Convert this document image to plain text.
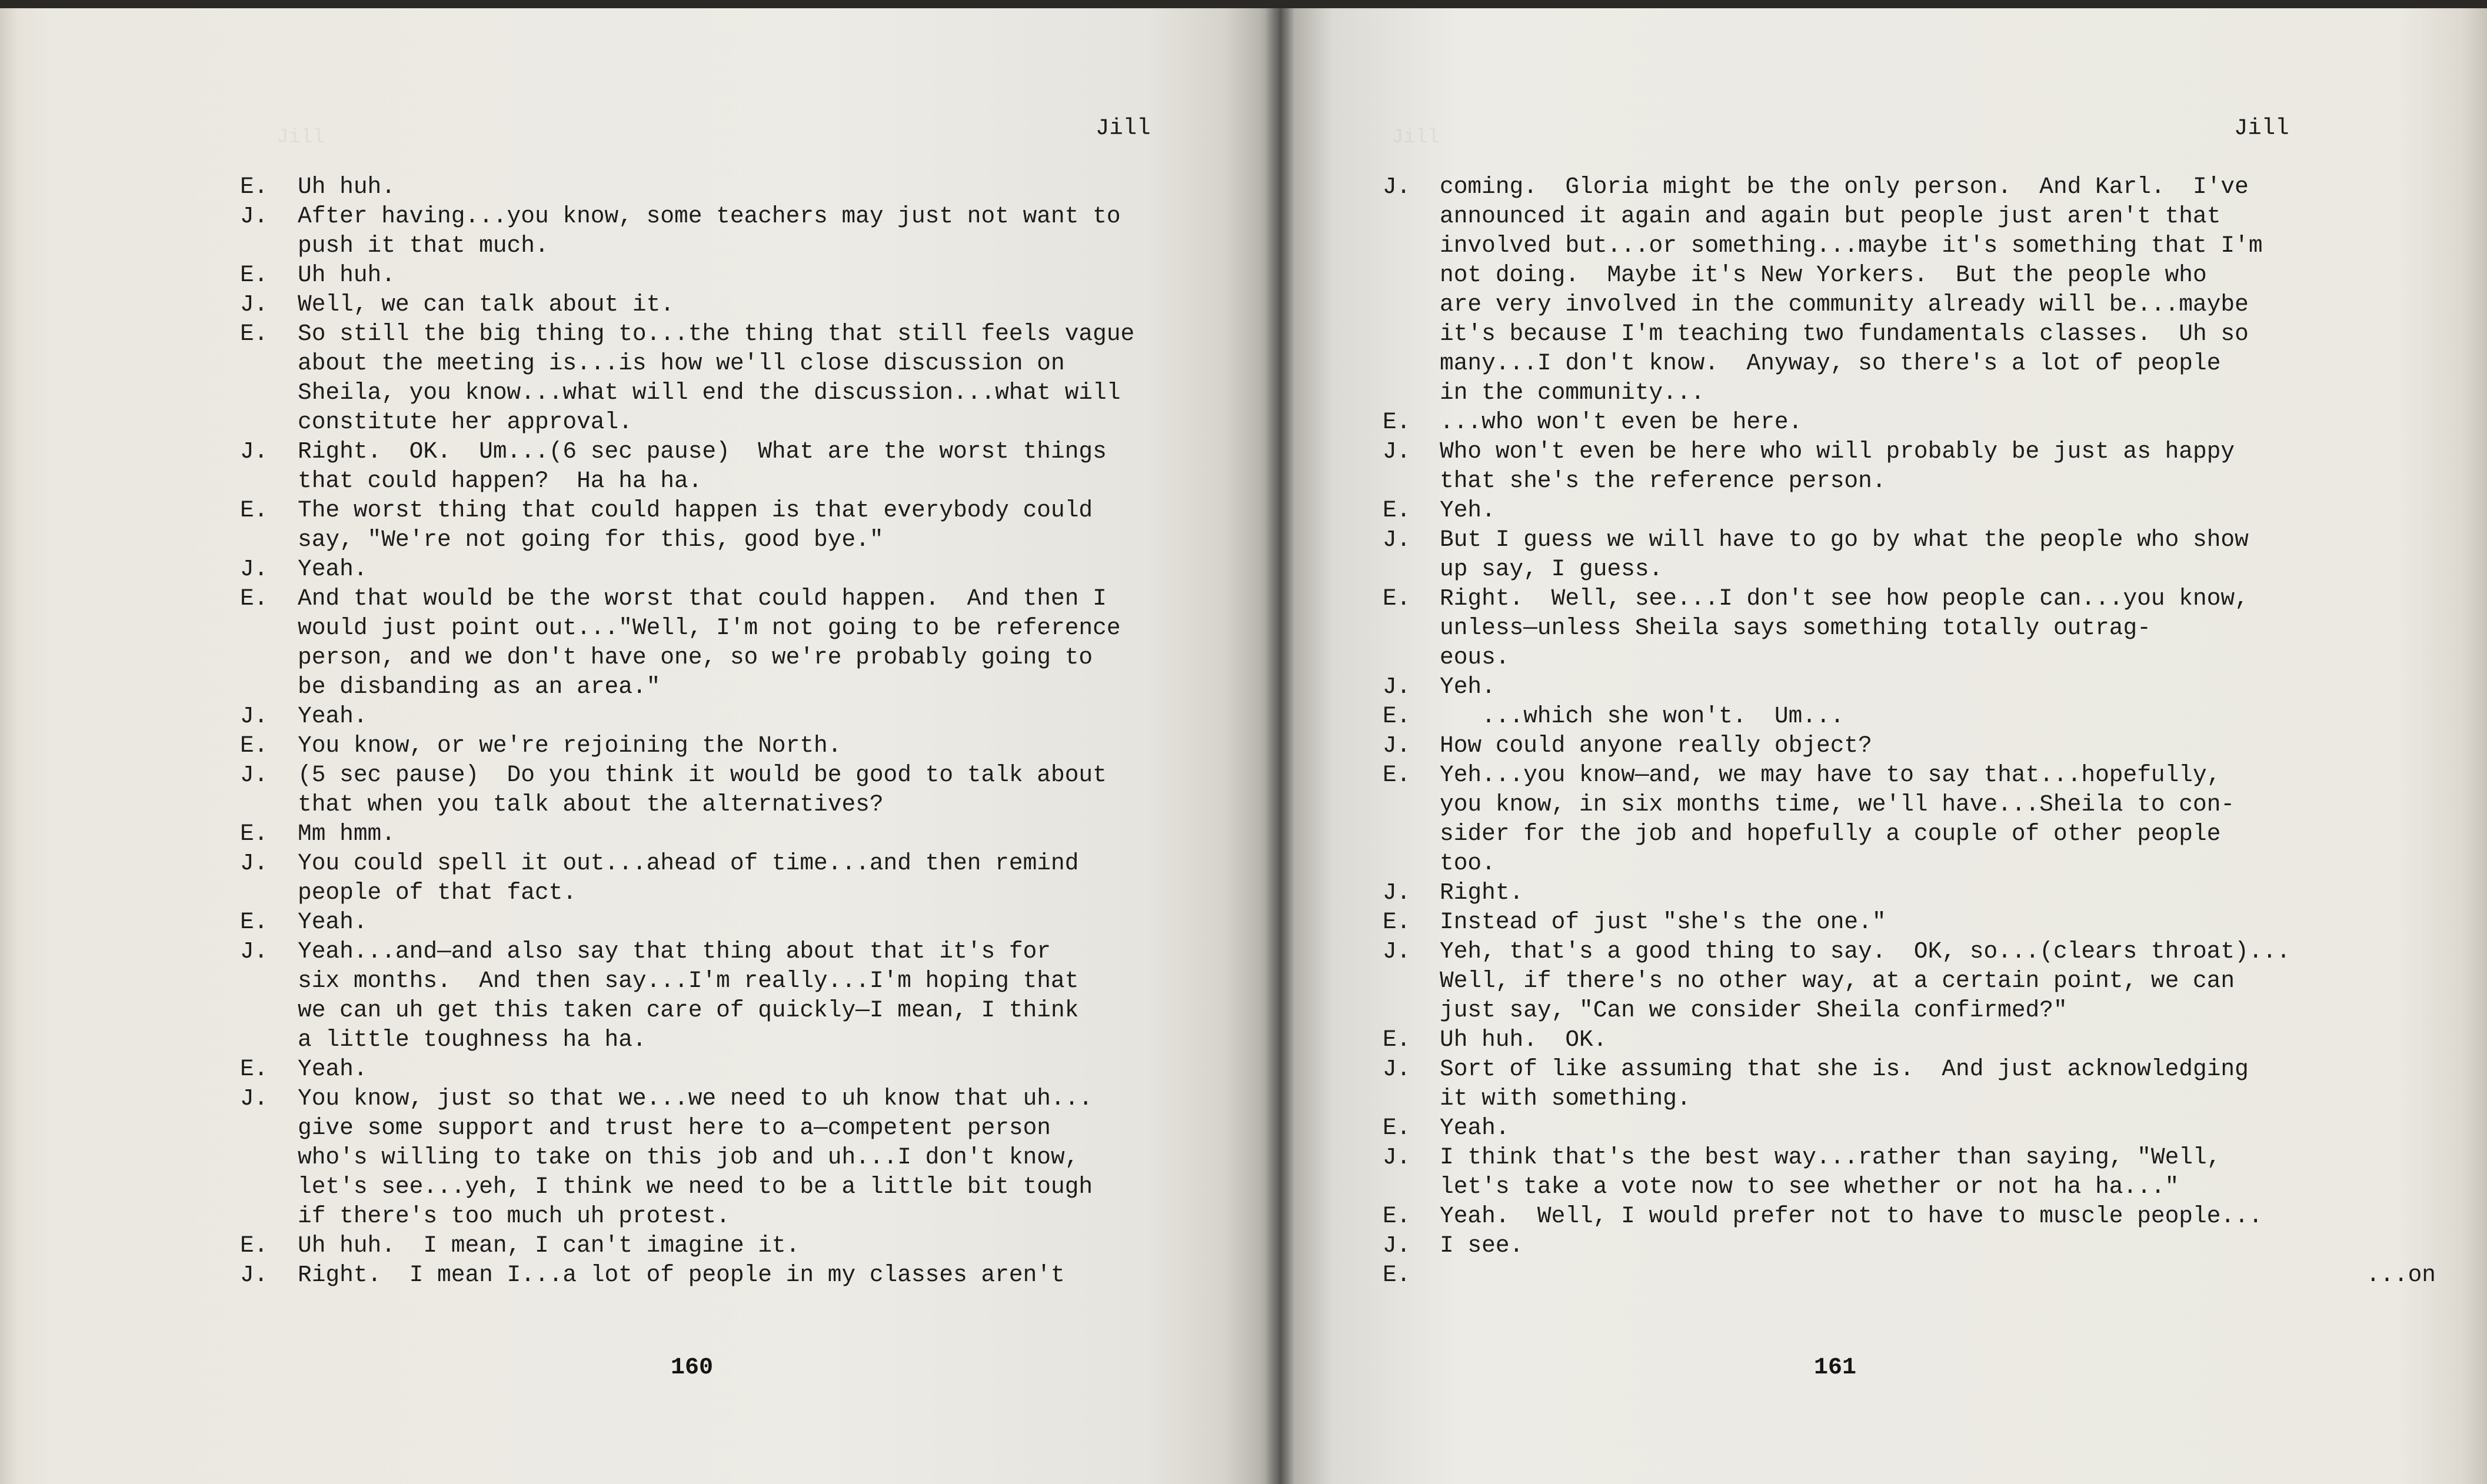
Jill	Jill
E. Uh huh.
J. After having...you know, some teachers may just not want to
push it that much.
E. Uh huh.
J. Well, we can talk about it.
E. So still the big thing to...the thing that still feels vague
about the meeting is...is how we'll close discussion on
Sheila, you know...what will end the discussion...what will
constitute her approval.
J. Right.  OK.  Um...(6 sec pause)  What are the worst things
that could happen?  Ha ha ha.
E. The worst thing that could happen is that everybody could
say, "We're not going for this, good bye."
J. Yeah.
E. And that would be the worst that could happen.  And then I
would just point out..."Well, I'm not going to be reference
person, and we don't have one, so we're probably going to
be disbanding as an area."
J. Yeah.
E. You know, or we're rejoining the North.
J. (5 sec pause)  Do you think it would be good to talk about
that when you talk about the alternatives?
E. Mm hmm.
J. You could spell it out...ahead of time...and then remind
people of that fact.
E. Yeah.
J. Yeah...and—and also say that thing about that it's for
six months.  And then say...I'm really...I'm hoping that
we can uh get this taken care of quickly—I mean, I think
a little toughness ha ha.
E. Yeah.
J. You know, just so that we...we need to uh know that uh...
give some support and trust here to a—competent person
who's willing to take on this job and uh...I don't know,
let's see...yeh, I think we need to be a little bit tough
if there's too much uh protest.
E. Uh huh.  I mean, I can't imagine it.
J. Right.  I mean I...a lot of people in my classes aren't
160
Jill	Jill
J. coming.  Gloria might be the only person.  And Karl.  I've
announced it again and again but people just aren't that
involved but...or something...maybe it's something that I'm
not doing.  Maybe it's New Yorkers.  But the people who
are very involved in the community already will be...maybe
it's because I'm teaching two fundamentals classes.  Uh so
many...I don't know.  Anyway, so there's a lot of people
in the community...
E. ...who won't even be here.
J. Who won't even be here who will probably be just as happy
that she's the reference person.
E. Yeh.
J. But I guess we will have to go by what the people who show
up say, I guess.
E. Right.  Well, see...I don't see how people can...you know,
unless—unless Sheila says something totally outrag-
eous.
J. Yeh.
E. ...which she won't.  Um...
J. How could anyone really object?
E. Yeh...you know—and, we may have to say that...hopefully,
you know, in six months time, we'll have...Sheila to con-
sider for the job and hopefully a couple of other people
too.
J. Right.
E. Instead of just "she's the one."
J. Yeh, that's a good thing to say.  OK, so...(clears throat)...
Well, if there's no other way, at a certain point, we can
just say, "Can we consider Sheila confirmed?"
E. Uh huh.  OK.
J. Sort of like assuming that she is.  And just acknowledging
it with something.
E. Yeah.
J. I think that's the best way...rather than saying, "Well,
let's take a vote now to see whether or not ha ha..."
E. Yeah.  Well, I would prefer not to have to muscle people...
J. I see.
E.	...on
161
